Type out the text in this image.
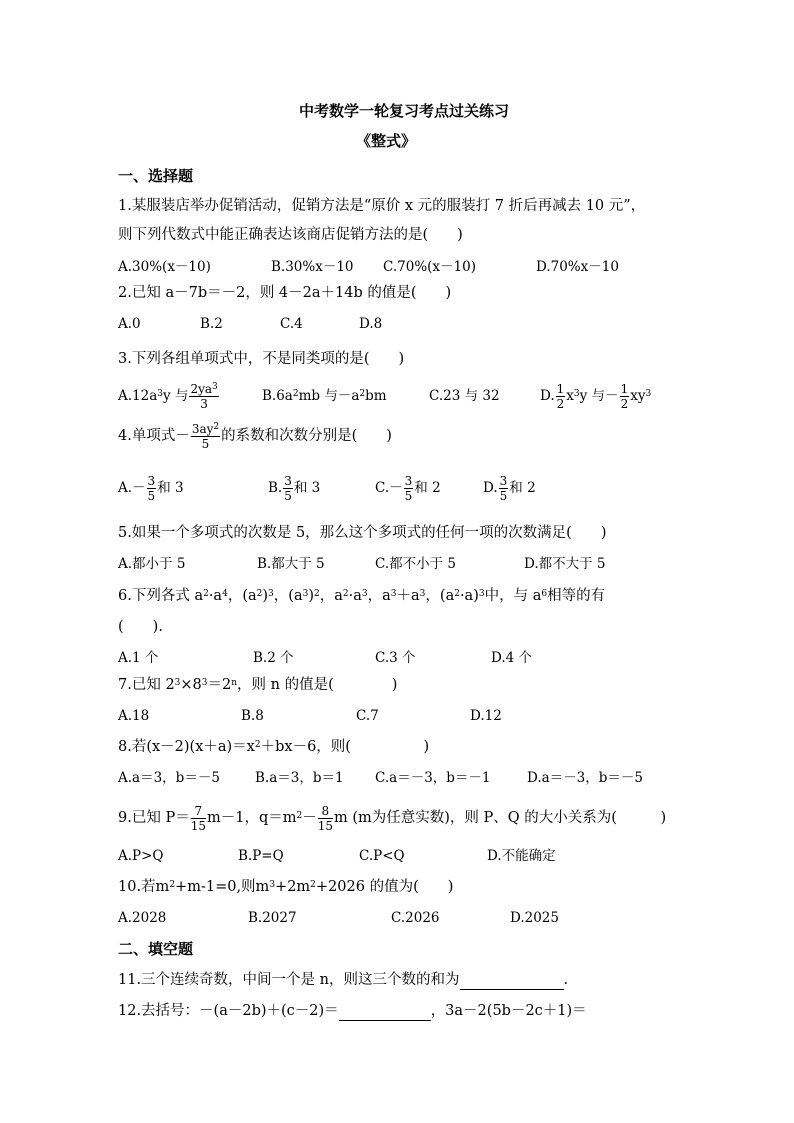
中考数学一轮复习考点过关练习
《整式》
一、选择题
1.某服装店举办促销活动，促销方法是“原价 x 元的服装打 7 折后再减去 10 元”，
则下列代数式中能正确表达该商店促销方法的是(　　)
A.30%(x－10)	B.30%x－10 C.70%(x－10)	D.70%x－10
2.已知 a－7b＝－2，则 4－2a＋14b 的值是(　　)
A.0	B.2	C.4	D.8
3.下列各组单项式中，不是同类项的是(　　)
$A.12a^3y$ 与 $\frac{2ya^3}{3}$	$B.6a^2mb$ 与$-a^2bm$	C.23 与 32	D. $\frac{1}{2} x^3y$ 与－ $\frac{1}{2} xy^3$
4.单项式－ $\frac{3ay^2}{5}$ 的系数和次数分别是(　　)
$A.- \frac{3}{5}$ 和 3	B. $\frac{3}{5}$ 和 3	$C.- \frac{3}{5}$ 和 2	D. $\frac{3}{5}$ 和 2
5.如果一个多项式的次数是 5，那么这个多项式的任何一项的次数满足(　　)
A.都小于 5	B.都大于 5	C.都不小于 5	D.都不大于 5
6.下列各式 $a^2\cdot a^4$，$(a^2)^3$，$(a^3)^2$，$a^2\cdot a^3$，$a^3+a^3$，$(a^2\cdot a)^3$中，与 $a^6$相等的有
(　　).
A.1 个	B.2 个	C.3 个	D.4 个
7.已知 $2^3\times 8^3=2^n$，则 n 的值是(　　　　)
A.18	B.8	C.7	D.12
8.若$(x-2)(x+a)=x^2+bx-6$，则(　　　　　)
A.a＝3，b＝－5	B.a＝3，b＝1 C.a＝－3，b＝－1	D.a＝－3，b＝－5
9.已知 $P= \frac{7}{15} m-1$，$q=m^2- \frac{8}{15}$ m (m为任意实数)，则 P、Q 的大小关系为(　　　)
A.P>Q	B.P=Q	C.P<Q	D.不能确定
10.若$m^2+m-1=0$,则$m^3+2m^2+2026$ 的值为(　　)
A.2028	B.2027	C.2026	D.2025
二、填空题
11.三个连续奇数，中间一个是 n，则这三个数的和为	.
12.去括号：－(a－2b)＋(c－2)＝	，3a－2(5b－2c＋1)＝
